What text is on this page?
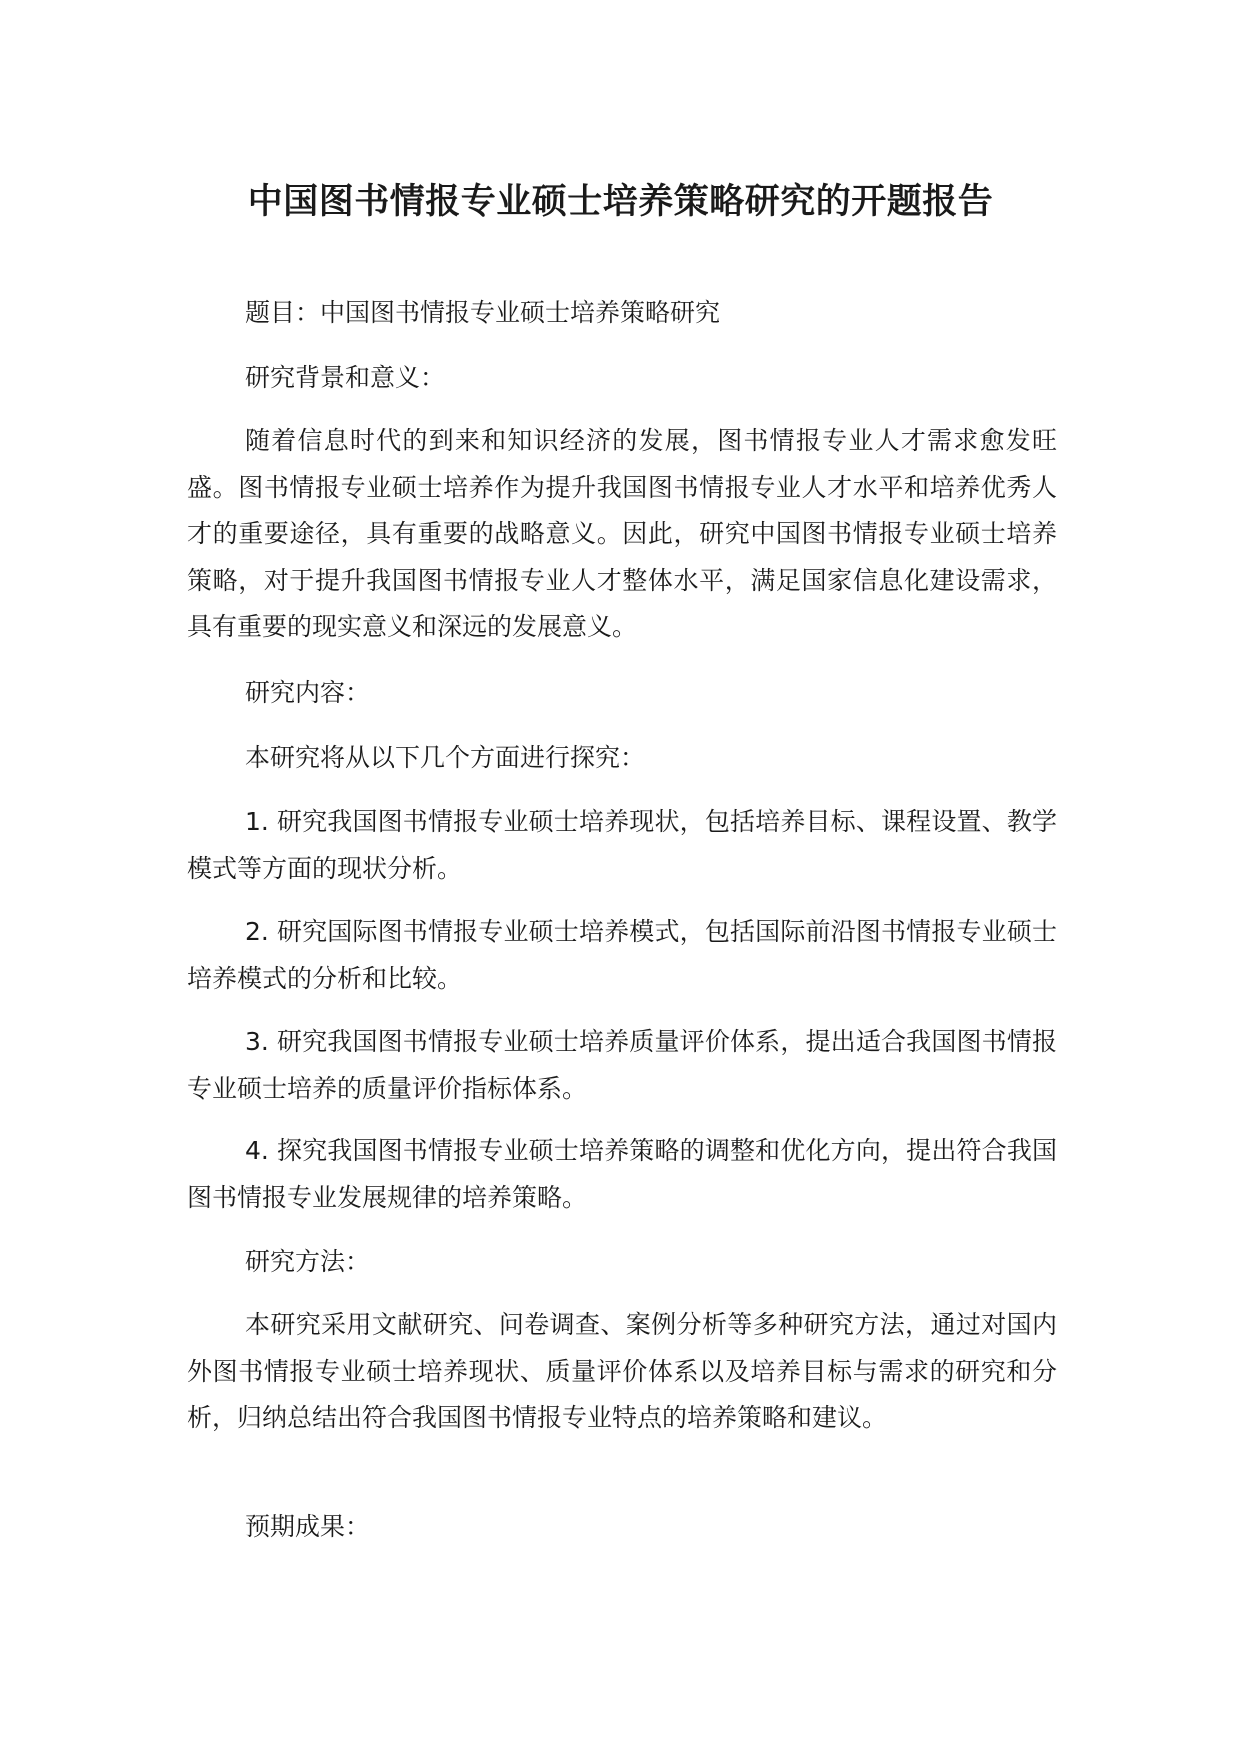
中国图书情报专业硕士培养策略研究的开题报告

题目：中国图书情报专业硕士培养策略研究

研究背景和意义：

随着信息时代的到来和知识经济的发展，图书情报专业人才需求愈发旺盛。图书情报专业硕士培养作为提升我国图书情报专业人才水平和培养优秀人才的重要途径，具有重要的战略意义。因此，研究中国图书情报专业硕士培养策略，对于提升我国图书情报专业人才整体水平，满足国家信息化建设需求，具有重要的现实意义和深远的发展意义。

研究内容：

本研究将从以下几个方面进行探究：

1. 研究我国图书情报专业硕士培养现状，包括培养目标、课程设置、教学模式等方面的现状分析。

2. 研究国际图书情报专业硕士培养模式，包括国际前沿图书情报专业硕士培养模式的分析和比较。

3. 研究我国图书情报专业硕士培养质量评价体系，提出适合我国图书情报专业硕士培养的质量评价指标体系。

4. 探究我国图书情报专业硕士培养策略的调整和优化方向，提出符合我国图书情报专业发展规律的培养策略。

研究方法：

本研究采用文献研究、问卷调查、案例分析等多种研究方法，通过对国内外图书情报专业硕士培养现状、质量评价体系以及培养目标与需求的研究和分析，归纳总结出符合我国图书情报专业特点的培养策略和建议。

预期成果：
